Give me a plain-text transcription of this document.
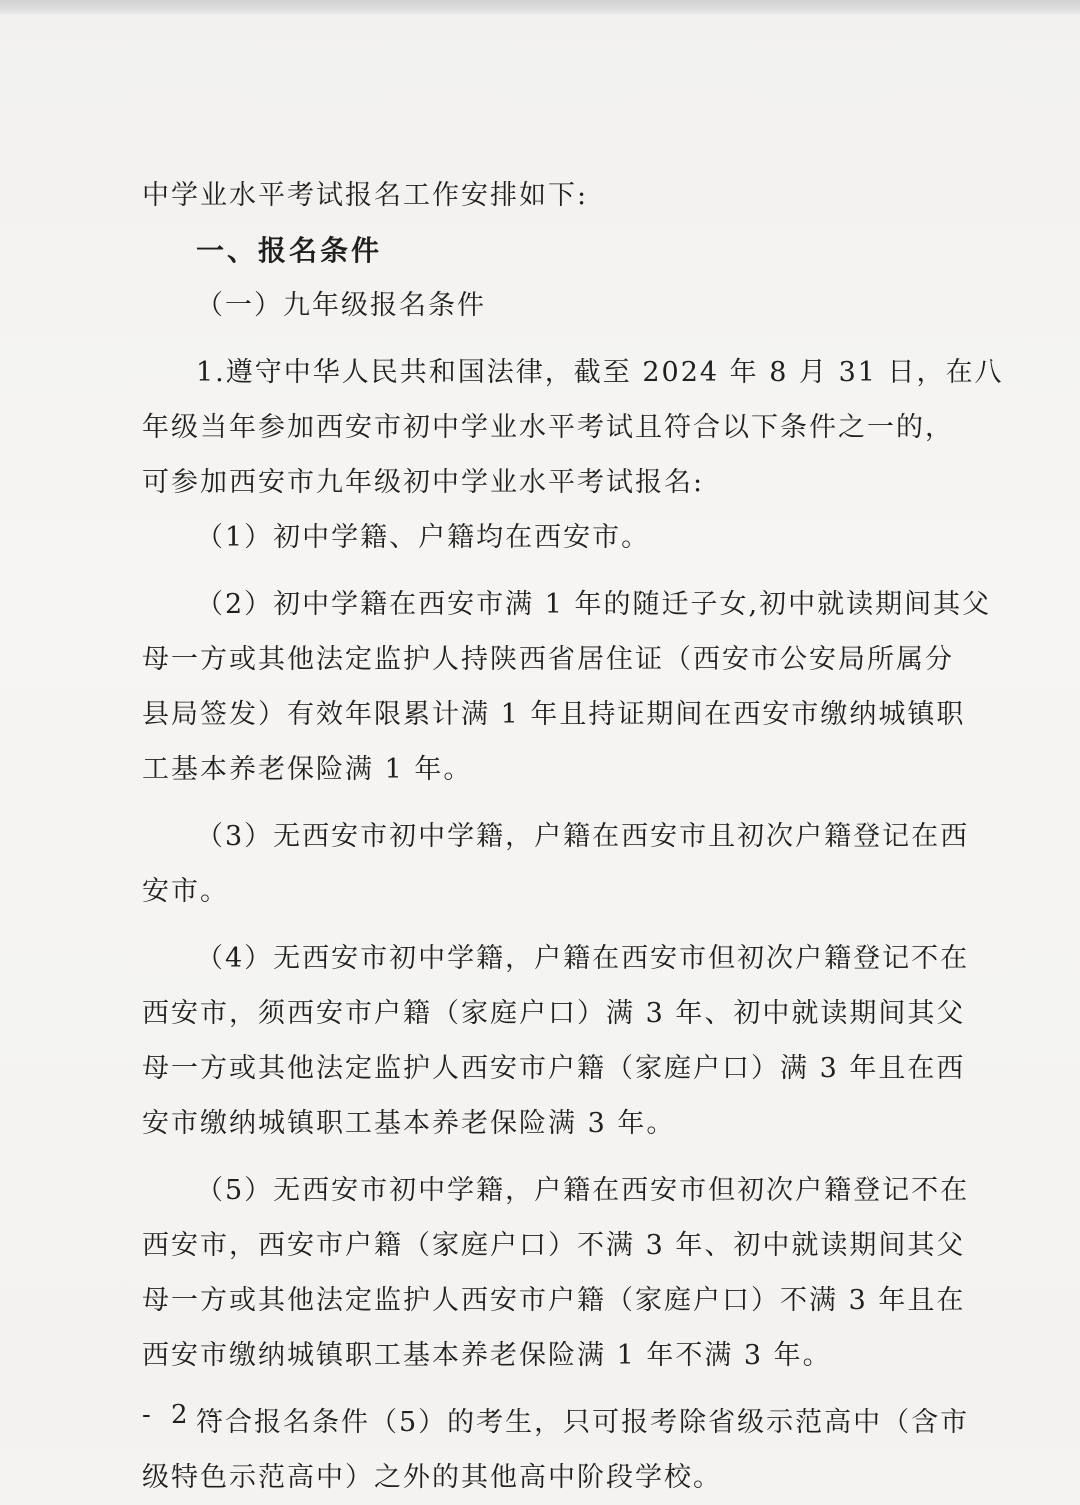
中学业水平考试报名工作安排如下:

一、报名条件

（一）九年级报名条件

1.遵守中华人民共和国法律，截至 2024 年 8 月 31 日，在八

年级当年参加西安市初中学业水平考试且符合以下条件之一的，

可参加西安市九年级初中学业水平考试报名:

（1）初中学籍、户籍均在西安市。

（2）初中学籍在西安市满 1 年的随迁子女,初中就读期间其父

母一方或其他法定监护人持陕西省居住证（西安市公安局所属分

县局签发）有效年限累计满 1 年且持证期间在西安市缴纳城镇职

工基本养老保险满 1 年。

（3）无西安市初中学籍，户籍在西安市且初次户籍登记在西

安市。

（4）无西安市初中学籍，户籍在西安市但初次户籍登记不在

西安市，须西安市户籍（家庭户口）满 3 年、初中就读期间其父

母一方或其他法定监护人西安市户籍（家庭户口）满 3 年且在西

安市缴纳城镇职工基本养老保险满 3 年。

（5）无西安市初中学籍，户籍在西安市但初次户籍登记不在

西安市，西安市户籍（家庭户口）不满 3 年、初中就读期间其父

母一方或其他法定监护人西安市户籍（家庭户口）不满 3 年且在

西安市缴纳城镇职工基本养老保险满 1 年不满 3 年。

符合报名条件（5）的考生，只可报考除省级示范高中（含市

级特色示范高中）之外的其他高中阶段学校。

- 2 -
